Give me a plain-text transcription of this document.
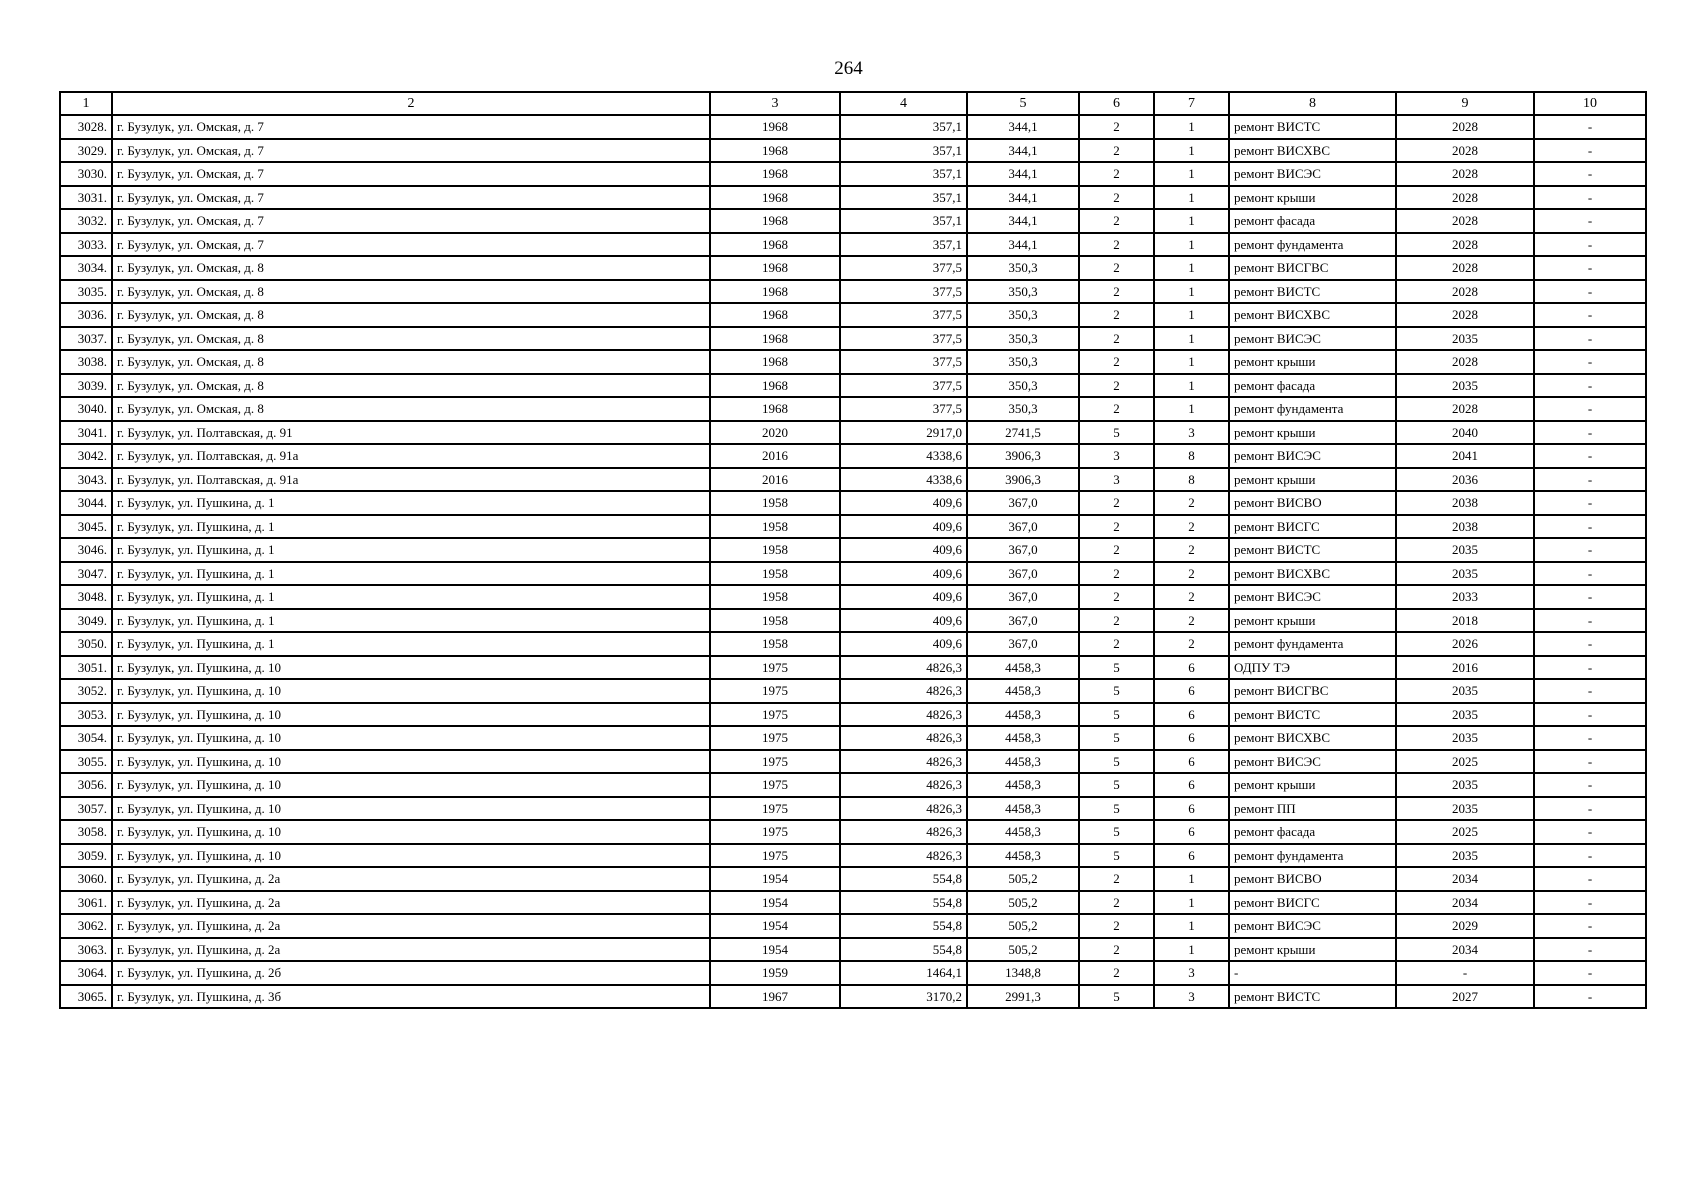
264
1	2	3	4	5	6	7	8	9	10
3028.	г. Бузулук, ул. Омская, д. 7	1968	357,1	344,1	2	1	ремонт ВИСТС	2028	-
3029.	г. Бузулук, ул. Омская, д. 7	1968	357,1	344,1	2	1	ремонт ВИСХВС	2028	-
3030.	г. Бузулук, ул. Омская, д. 7	1968	357,1	344,1	2	1	ремонт ВИСЭС	2028	-
3031.	г. Бузулук, ул. Омская, д. 7	1968	357,1	344,1	2	1	ремонт крыши	2028	-
3032.	г. Бузулук, ул. Омская, д. 7	1968	357,1	344,1	2	1	ремонт фасада	2028	-
3033.	г. Бузулук, ул. Омская, д. 7	1968	357,1	344,1	2	1	ремонт фундамента	2028	-
3034.	г. Бузулук, ул. Омская, д. 8	1968	377,5	350,3	2	1	ремонт ВИСГВС	2028	-
3035.	г. Бузулук, ул. Омская, д. 8	1968	377,5	350,3	2	1	ремонт ВИСТС	2028	-
3036.	г. Бузулук, ул. Омская, д. 8	1968	377,5	350,3	2	1	ремонт ВИСХВС	2028	-
3037.	г. Бузулук, ул. Омская, д. 8	1968	377,5	350,3	2	1	ремонт ВИСЭС	2035	-
3038.	г. Бузулук, ул. Омская, д. 8	1968	377,5	350,3	2	1	ремонт крыши	2028	-
3039.	г. Бузулук, ул. Омская, д. 8	1968	377,5	350,3	2	1	ремонт фасада	2035	-
3040.	г. Бузулук, ул. Омская, д. 8	1968	377,5	350,3	2	1	ремонт фундамента	2028	-
3041.	г. Бузулук, ул. Полтавская, д. 91	2020	2917,0	2741,5	5	3	ремонт крыши	2040	-
3042.	г. Бузулук, ул. Полтавская, д. 91а	2016	4338,6	3906,3	3	8	ремонт ВИСЭС	2041	-
3043.	г. Бузулук, ул. Полтавская, д. 91а	2016	4338,6	3906,3	3	8	ремонт крыши	2036	-
3044.	г. Бузулук, ул. Пушкина, д. 1	1958	409,6	367,0	2	2	ремонт ВИСВО	2038	-
3045.	г. Бузулук, ул. Пушкина, д. 1	1958	409,6	367,0	2	2	ремонт ВИСГС	2038	-
3046.	г. Бузулук, ул. Пушкина, д. 1	1958	409,6	367,0	2	2	ремонт ВИСТС	2035	-
3047.	г. Бузулук, ул. Пушкина, д. 1	1958	409,6	367,0	2	2	ремонт ВИСХВС	2035	-
3048.	г. Бузулук, ул. Пушкина, д. 1	1958	409,6	367,0	2	2	ремонт ВИСЭС	2033	-
3049.	г. Бузулук, ул. Пушкина, д. 1	1958	409,6	367,0	2	2	ремонт крыши	2018	-
3050.	г. Бузулук, ул. Пушкина, д. 1	1958	409,6	367,0	2	2	ремонт фундамента	2026	-
3051.	г. Бузулук, ул. Пушкина, д. 10	1975	4826,3	4458,3	5	6	ОДПУ ТЭ	2016	-
3052.	г. Бузулук, ул. Пушкина, д. 10	1975	4826,3	4458,3	5	6	ремонт ВИСГВС	2035	-
3053.	г. Бузулук, ул. Пушкина, д. 10	1975	4826,3	4458,3	5	6	ремонт ВИСТС	2035	-
3054.	г. Бузулук, ул. Пушкина, д. 10	1975	4826,3	4458,3	5	6	ремонт ВИСХВС	2035	-
3055.	г. Бузулук, ул. Пушкина, д. 10	1975	4826,3	4458,3	5	6	ремонт ВИСЭС	2025	-
3056.	г. Бузулук, ул. Пушкина, д. 10	1975	4826,3	4458,3	5	6	ремонт крыши	2035	-
3057.	г. Бузулук, ул. Пушкина, д. 10	1975	4826,3	4458,3	5	6	ремонт ПП	2035	-
3058.	г. Бузулук, ул. Пушкина, д. 10	1975	4826,3	4458,3	5	6	ремонт фасада	2025	-
3059.	г. Бузулук, ул. Пушкина, д. 10	1975	4826,3	4458,3	5	6	ремонт фундамента	2035	-
3060.	г. Бузулук, ул. Пушкина, д. 2а	1954	554,8	505,2	2	1	ремонт ВИСВО	2034	-
3061.	г. Бузулук, ул. Пушкина, д. 2а	1954	554,8	505,2	2	1	ремонт ВИСГС	2034	-
3062.	г. Бузулук, ул. Пушкина, д. 2а	1954	554,8	505,2	2	1	ремонт ВИСЭС	2029	-
3063.	г. Бузулук, ул. Пушкина, д. 2а	1954	554,8	505,2	2	1	ремонт крыши	2034	-
3064.	г. Бузулук, ул. Пушкина, д. 2б	1959	1464,1	1348,8	2	3	-	-	-
3065.	г. Бузулук, ул. Пушкина, д. 3б	1967	3170,2	2991,3	5	3	ремонт ВИСТС	2027	-
